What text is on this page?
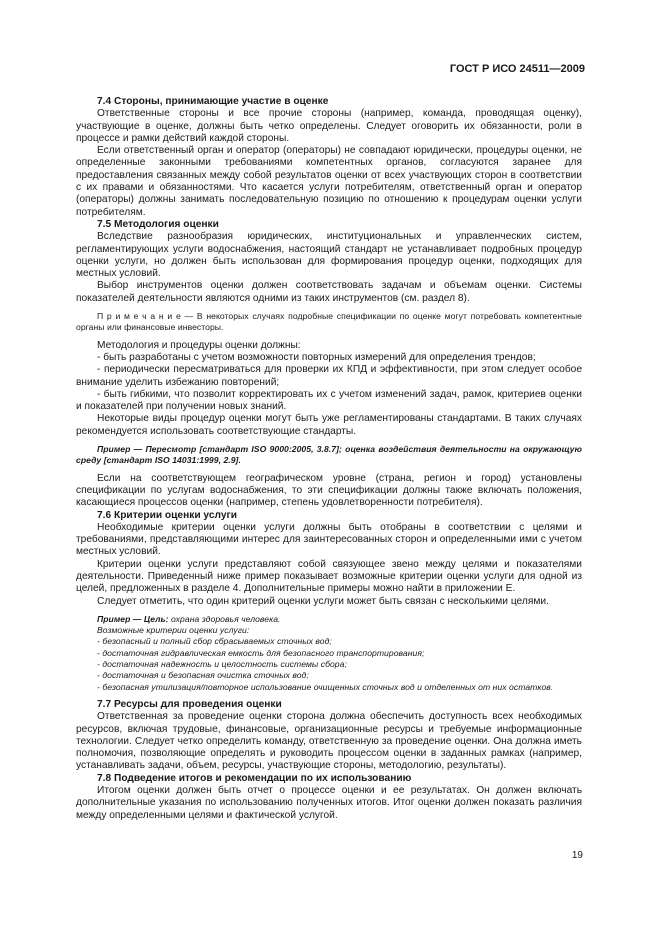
ГОСТ Р ИСО 24511—2009
7.4 Стороны, принимающие участие в оценке

Ответственные стороны и все прочие стороны (например, команда, проводящая оценку), участвующие в оценке, должны быть четко определены. Следует оговорить их обязанности, роли в процессе и рамки действий каждой стороны.

Если ответственный орган и оператор (операторы) не совпадают юридически, процедуры оценки, не определенные законными требованиями компетентных органов, согласуются заранее для предоставления связанных между собой результатов оценки от всех участвующих сторон в соответствии с их правами и обязанностями. Что касается услуги потребителям, ответственный орган и оператор (операторы) должны занимать последовательную позицию по отношению к процедурам оценки услуги потребителям.

7.5 Методология оценки

Вследствие разнообразия юридических, институциональных и управленческих систем, регламентирующих услуги водоснабжения, настоящий стандарт не устанавливает подробных процедур оценки услуги, но должен быть использован для формирования процедур оценки, подходящих для местных условий.

Выбор инструментов оценки должен соответствовать задачам и объемам оценки. Системы показателей деятельности являются одними из таких инструментов (см. раздел 8).

П р и м е ч а н и е — В некоторых случаях подробные спецификации по оценке могут потребовать компетентные органы или финансовые инвесторы.

Методология и процедуры оценки должны:

- быть разработаны с учетом возможности повторных измерений для определения трендов;

- периодически пересматриваться для проверки их КПД и эффективности, при этом следует особое внимание уделить избежанию повторений;

- быть гибкими, что позволит корректировать их с учетом изменений задач, рамок, критериев оценки и показателей при получении новых знаний.

Некоторые виды процедур оценки могут быть уже регламентированы стандартами. В таких случаях рекомендуется использовать соответствующие стандарты.

Пример — Пересмотр [стандарт ISO 9000:2005, 3.8.7]; оценка воздействия деятельности на окружающую среду [стандарт ISO 14031:1999, 2.9].

Если на соответствующем географическом уровне (страна, регион и город) установлены спецификации по услугам водоснабжения, то эти спецификации должны также включать положения, касающиеся процессов оценки (например, степень удовлетворенности потребителя).

7.6 Критерии оценки услуги

Необходимые критерии оценки услуги должны быть отобраны в соответствии с целями и требованиями, представляющими интерес для заинтересованных сторон и определенными ими с учетом местных условий.

Критерии оценки услуги представляют собой связующее звено между целями и показателями деятельности. Приведенный ниже пример показывает возможные критерии оценки услуги для одной из целей, предложенных в разделе 4. Дополнительные примеры можно найти в приложении Е.

Следует отметить, что один критерий оценки услуги может быть связан с несколькими целями.

Пример — Цель: охрана здоровья человека.

Возможные критерии оценки услуги:

- безопасный и полный сбор сбрасываемых сточных вод;

- достаточная гидравлическая емкость для безопасного транспортирования;

- достаточная надежность и целостность системы сбора;

- достаточная и безопасная очистка сточных вод;

- безопасная утилизация/повторное использование очищенных сточных вод и отделенных от них остатков.

7.7 Ресурсы для проведения оценки

Ответственная за проведение оценки сторона должна обеспечить доступность всех необходимых ресурсов, включая трудовые, финансовые, организационные ресурсы и требуемые информационные технологии. Следует четко определить команду, ответственную за проведение оценки. Она должна иметь полномочия, позволяющие определять и руководить процессом оценки в заданных рамках (например, устанавливать задачи, объем, ресурсы, участвующие стороны, методологию, результаты).

7.8 Подведение итогов и рекомендации по их использованию

Итогом оценки должен быть отчет о процессе оценки и ее результатах. Он должен включать дополнительные указания по использованию полученных итогов. Итог оценки должен показать различия между определенными целями и фактической услугой.

19
